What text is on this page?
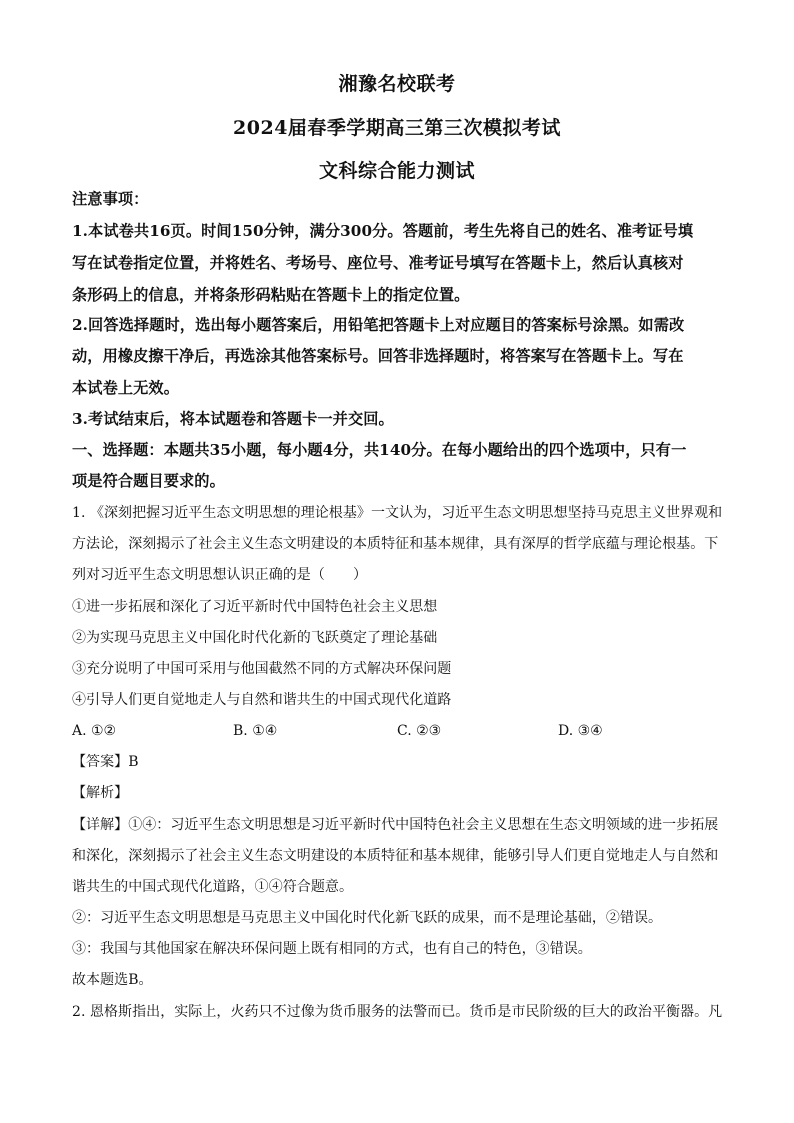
湘豫名校联考
2024届春季学期高三第三次模拟考试
文科综合能力测试
注意事项：
1.本试卷共16页。时间150分钟，满分300分。答题前，考生先将自己的姓名、准考证号填
写在试卷指定位置，并将姓名、考场号、座位号、准考证号填写在答题卡上，然后认真核对
条形码上的信息，并将条形码粘贴在答题卡上的指定位置。
2.回答选择题时，选出每小题答案后，用铅笔把答题卡上对应题目的答案标号涂黑。如需改
动，用橡皮擦干净后，再选涂其他答案标号。回答非选择题时，将答案写在答题卡上。写在
本试卷上无效。
3.考试结束后，将本试题卷和答题卡一并交回。
一、选择题：本题共35小题，每小题4分，共140分。在每小题给出的四个选项中，只有一
项是符合题目要求的。
1. 《深刻把握习近平生态文明思想的理论根基》一文认为，习近平生态文明思想坚持马克思主义世界观和
方法论，深刻揭示了社会主义生态文明建设的本质特征和基本规律，具有深厚的哲学底蕴与理论根基。下
列对习近平生态文明思想认识正确的是（　　）
①进一步拓展和深化了习近平新时代中国特色社会主义思想
②为实现马克思主义中国化时代化新的飞跃奠定了理论基础
③充分说明了中国可采用与他国截然不同的方式解决环保问题
④引导人们更自觉地走人与自然和谐共生的中国式现代化道路
A. ①②	B. ①④	C. ②③	D. ③④
【答案】B
【解析】
【详解】①④：习近平生态文明思想是习近平新时代中国特色社会主义思想在生态文明领域的进一步拓展
和深化，深刻揭示了社会主义生态文明建设的本质特征和基本规律，能够引导人们更自觉地走人与自然和
谐共生的中国式现代化道路，①④符合题意。
②：习近平生态文明思想是马克思主义中国化时代化新飞跃的成果，而不是理论基础，②错误。
③：我国与其他国家在解决环保问题上既有相同的方式，也有自己的特色，③错误。
故本题选B。
2. 恩格斯指出，实际上，火药只不过像为货币服务的法警而已。货币是市民阶级的巨大的政治平衡器。凡
